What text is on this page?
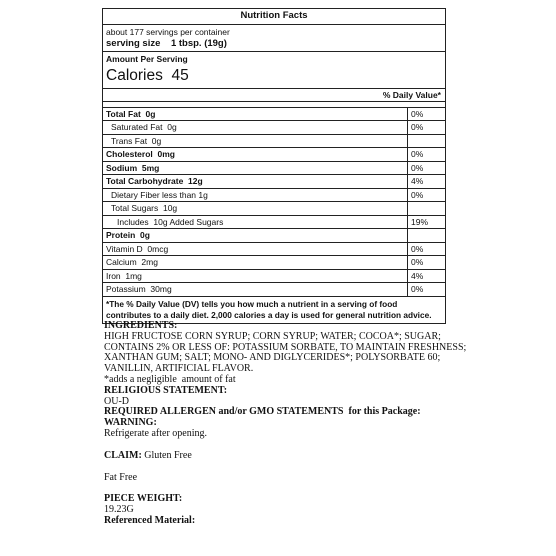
Nutrition Facts
about 177 servings per container
serving size    1 tbsp. (19g)
Amount Per Serving
Calories  45
% Daily Value*
Total Fat  0g	0%
Saturated Fat  0g	0%
Trans Fat  0g	
Cholesterol  0mg	0%
Sodium  5mg	0%
Total Carbohydrate  12g	4%
Dietary Fiber less than 1g	0%
Total Sugars  10g	
Includes  10g Added Sugars	19%
Protein  0g	
Vitamin D  0mcg	0%
Calcium  2mg	0%
Iron  1mg	4%
Potassium  30mg	0%
*The % Daily Value (DV) tells you how much a nutrient in a serving of food contributes to a daily diet. 2,000 calories a day is used for general nutrition advice.
INGREDIENTS:
HIGH FRUCTOSE CORN SYRUP; CORN SYRUP; WATER; COCOA*; SUGAR;
CONTAINS 2% OR LESS OF: POTASSIUM SORBATE, TO MAINTAIN FRESHNESS;
XANTHAN GUM; SALT; MONO- AND DIGLYCERIDES*; POLYSORBATE 60;
VANILLIN, ARTIFICIAL FLAVOR.
*adds a negligible  amount of fat
RELIGIOUS STATEMENT:
OU-D
REQUIRED ALLERGEN and/or GMO STATEMENTS  for this Package:
WARNING:
Refrigerate after opening.
CLAIM: Gluten Free
Fat Free
PIECE WEIGHT:
19.23G
Referenced Material:
